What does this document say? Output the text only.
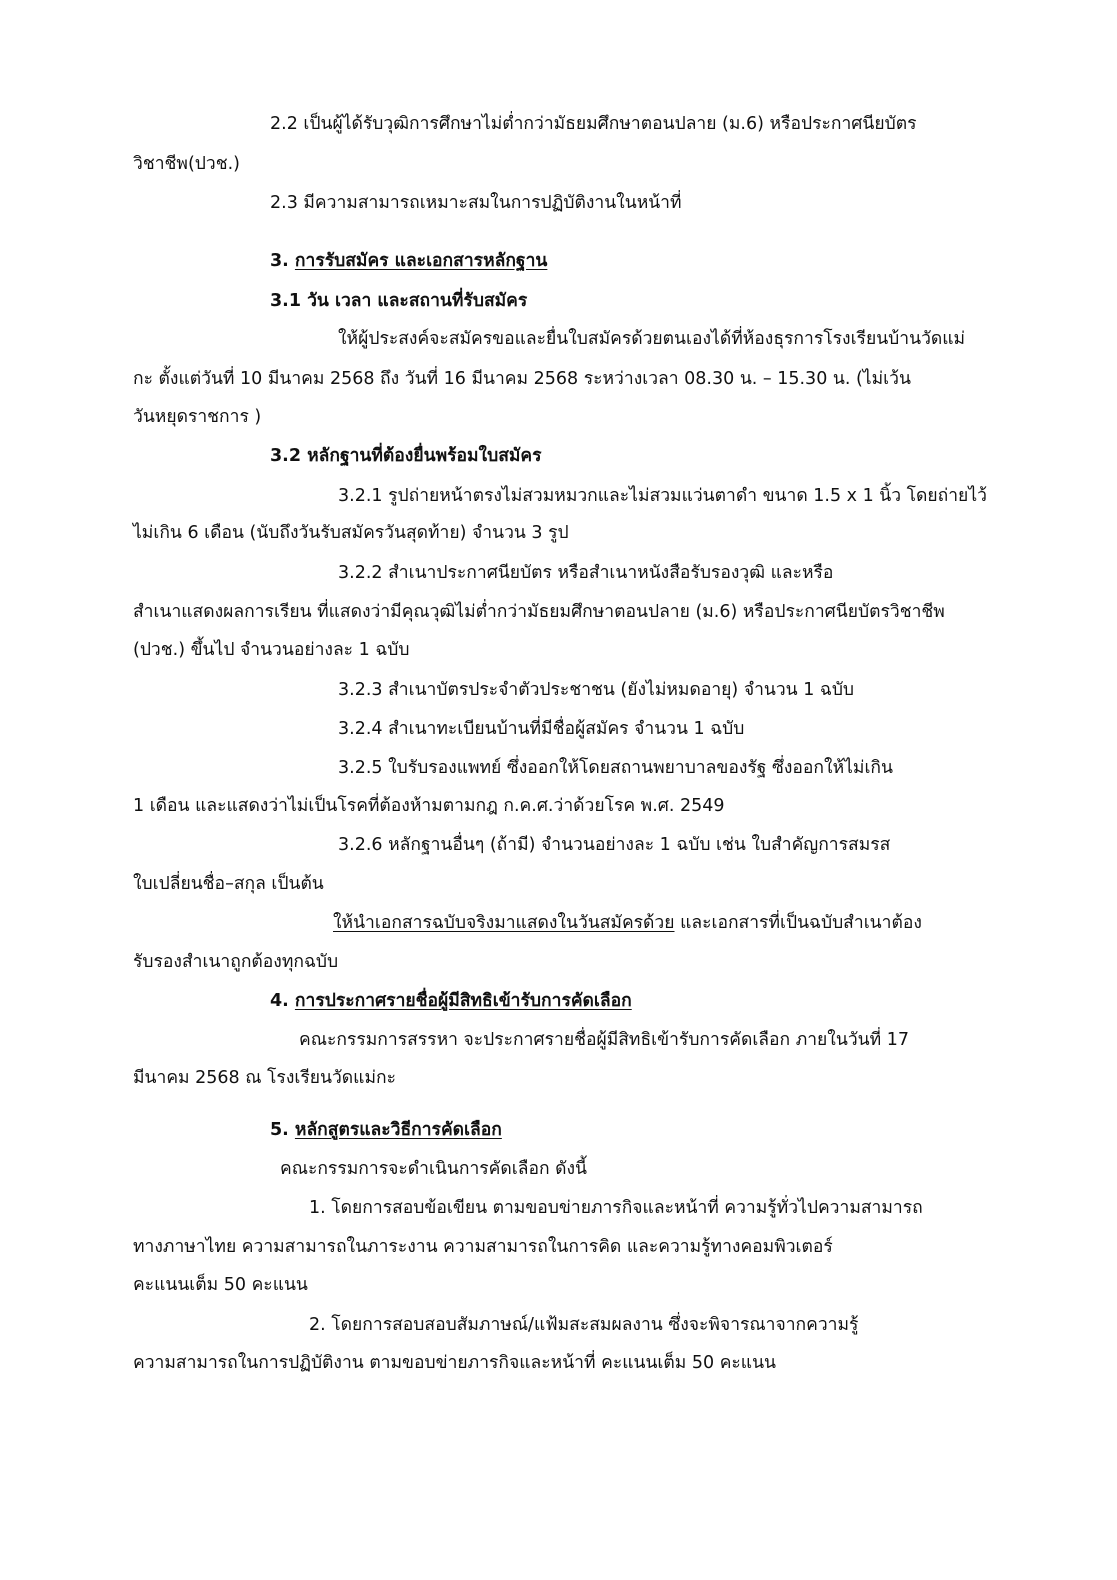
2.2 เป็นผู้ได้รับวุฒิการศึกษาไม่ต่ำกว่ามัธยมศึกษาตอนปลาย (ม.6) หรือประกาศนียบัตร
วิชาชีพ(ปวช.)
2.3 มีความสามารถเหมาะสมในการปฏิบัติงานในหน้าที่
3. การรับสมัคร และเอกสารหลักฐาน
3.1 วัน เวลา และสถานที่รับสมัคร
ให้ผู้ประสงค์จะสมัครขอและยื่นใบสมัครด้วยตนเองได้ที่ห้องธุรการโรงเรียนบ้านวัดแม่
กะ ตั้งแต่วันที่ 10 มีนาคม 2568 ถึง วันที่ 16 มีนาคม 2568 ระหว่างเวลา 08.30 น. – 15.30 น. (ไม่เว้น
วันหยุดราชการ )
3.2 หลักฐานที่ต้องยื่นพร้อมใบสมัคร
3.2.1 รูปถ่ายหน้าตรงไม่สวมหมวกและไม่สวมแว่นตาดำ ขนาด 1.5 x 1 นิ้ว โดยถ่ายไว้
ไม่เกิน 6 เดือน (นับถึงวันรับสมัครวันสุดท้าย) จำนวน 3 รูป
3.2.2 สำเนาประกาศนียบัตร หรือสำเนาหนังสือรับรองวุฒิ และหรือ
สำเนาแสดงผลการเรียน ที่แสดงว่ามีคุณวุฒิไม่ต่ำกว่ามัธยมศึกษาตอนปลาย (ม.6) หรือประกาศนียบัตรวิชาชีพ
(ปวช.) ขึ้นไป จำนวนอย่างละ 1 ฉบับ
3.2.3 สำเนาบัตรประจำตัวประชาชน (ยังไม่หมดอายุ) จำนวน 1 ฉบับ
3.2.4 สำเนาทะเบียนบ้านที่มีชื่อผู้สมัคร จำนวน 1 ฉบับ
3.2.5 ใบรับรองแพทย์ ซึ่งออกให้โดยสถานพยาบาลของรัฐ ซึ่งออกให้ไม่เกิน
1 เดือน และแสดงว่าไม่เป็นโรคที่ต้องห้ามตามกฎ ก.ค.ศ.ว่าด้วยโรค พ.ศ. 2549
3.2.6 หลักฐานอื่นๆ (ถ้ามี) จำนวนอย่างละ 1 ฉบับ เช่น ใบสำคัญการสมรส
ใบเปลี่ยนชื่อ–สกุล เป็นต้น
ให้นำเอกสารฉบับจริงมาแสดงในวันสมัครด้วย และเอกสารที่เป็นฉบับสำเนาต้อง
รับรองสำเนาถูกต้องทุกฉบับ
4. การประกาศรายชื่อผู้มีสิทธิเข้ารับการคัดเลือก
คณะกรรมการสรรหา จะประกาศรายชื่อผู้มีสิทธิเข้ารับการคัดเลือก ภายในวันที่ 17
มีนาคม 2568 ณ โรงเรียนวัดแม่กะ
5. หลักสูตรและวิธีการคัดเลือก
คณะกรรมการจะดำเนินการคัดเลือก ดังนี้
1. โดยการสอบข้อเขียน ตามขอบข่ายภารกิจและหน้าที่ ความรู้ทั่วไปความสามารถ
ทางภาษาไทย ความสามารถในภาระงาน ความสามารถในการคิด และความรู้ทางคอมพิวเตอร์
คะแนนเต็ม 50 คะแนน
2. โดยการสอบสอบสัมภาษณ์/แฟ้มสะสมผลงาน ซึ่งจะพิจารณาจากความรู้
ความสามารถในการปฏิบัติงาน ตามขอบข่ายภารกิจและหน้าที่ คะแนนเต็ม 50 คะแนน
